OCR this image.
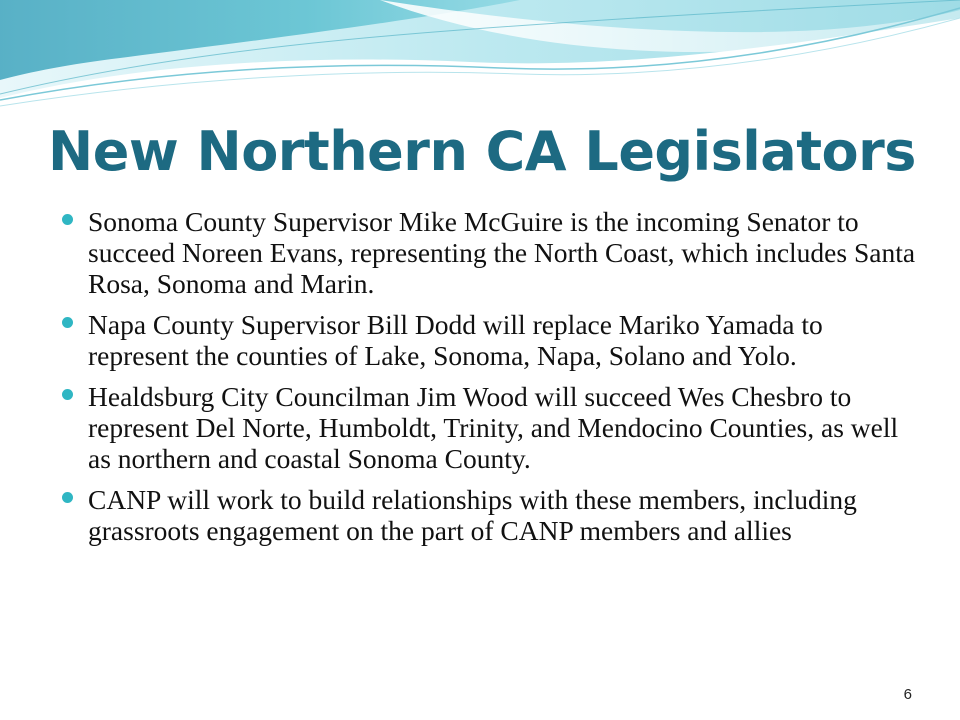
New Northern CA Legislators
Sonoma County Supervisor Mike McGuire is the incoming Senator to succeed Noreen Evans, representing the North Coast, which includes Santa Rosa, Sonoma and Marin.
Napa County Supervisor Bill Dodd will replace Mariko Yamada to represent the counties of Lake, Sonoma, Napa, Solano and Yolo.
Healdsburg City Councilman Jim Wood will succeed Wes Chesbro to represent Del Norte, Humboldt, Trinity, and Mendocino Counties, as well as northern and coastal Sonoma County.
CANP will work to build relationships with these members, including grassroots engagement on the part of CANP members and allies
6
